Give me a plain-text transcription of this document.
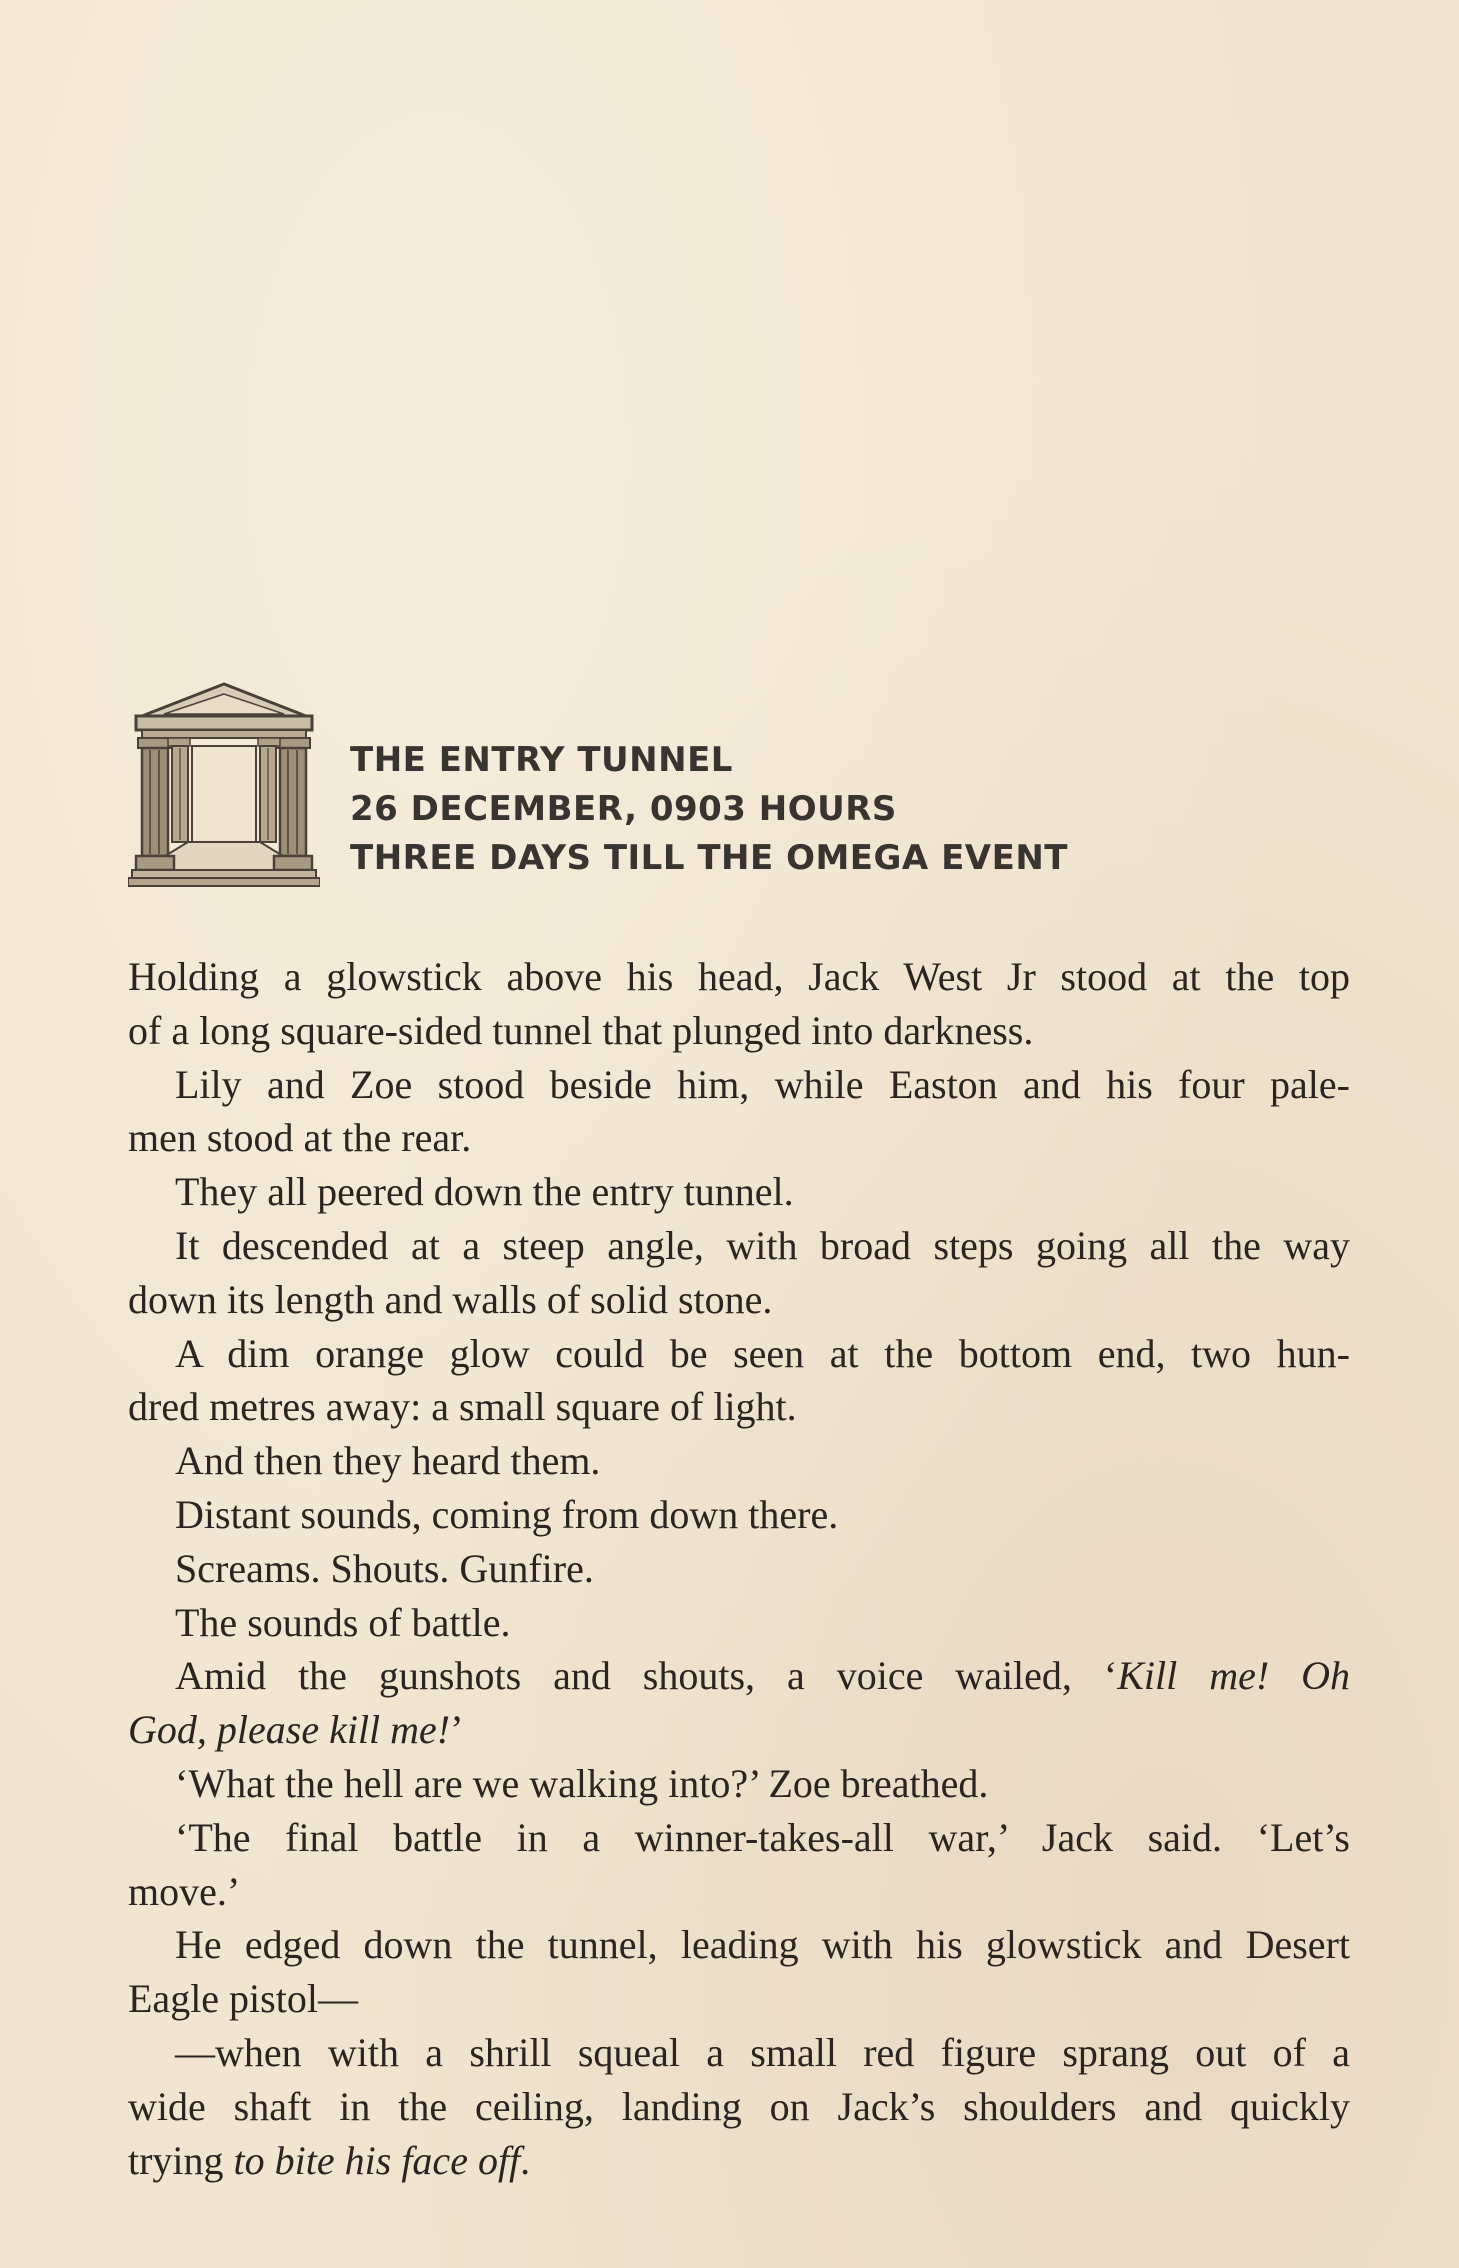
THE ENTRY TUNNEL
26 DECEMBER, 0903 HOURS
THREE DAYS TILL THE OMEGA EVENT
Holding a glowstick above his head, Jack West Jr stood at the top
of a long square-sided tunnel that plunged into darkness.
Lily and Zoe stood beside him, while Easton and his four pale-
men stood at the rear.
They all peered down the entry tunnel.
It descended at a steep angle, with broad steps going all the way
down its length and walls of solid stone.
A dim orange glow could be seen at the bottom end, two hun-
dred metres away: a small square of light.
And then they heard them.
Distant sounds, coming from down there.
Screams. Shouts. Gunfire.
The sounds of battle.
Amid the gunshots and shouts, a voice wailed, ‘Kill me! Oh
God, please kill me!’
‘What the hell are we walking into?’ Zoe breathed.
‘The final battle in a winner-takes-all war,’ Jack said. ‘Let’s
move.’
He edged down the tunnel, leading with his glowstick and Desert
Eagle pistol—
—when with a shrill squeal a small red figure sprang out of a
wide shaft in the ceiling, landing on Jack’s shoulders and quickly
trying to bite his face off.
